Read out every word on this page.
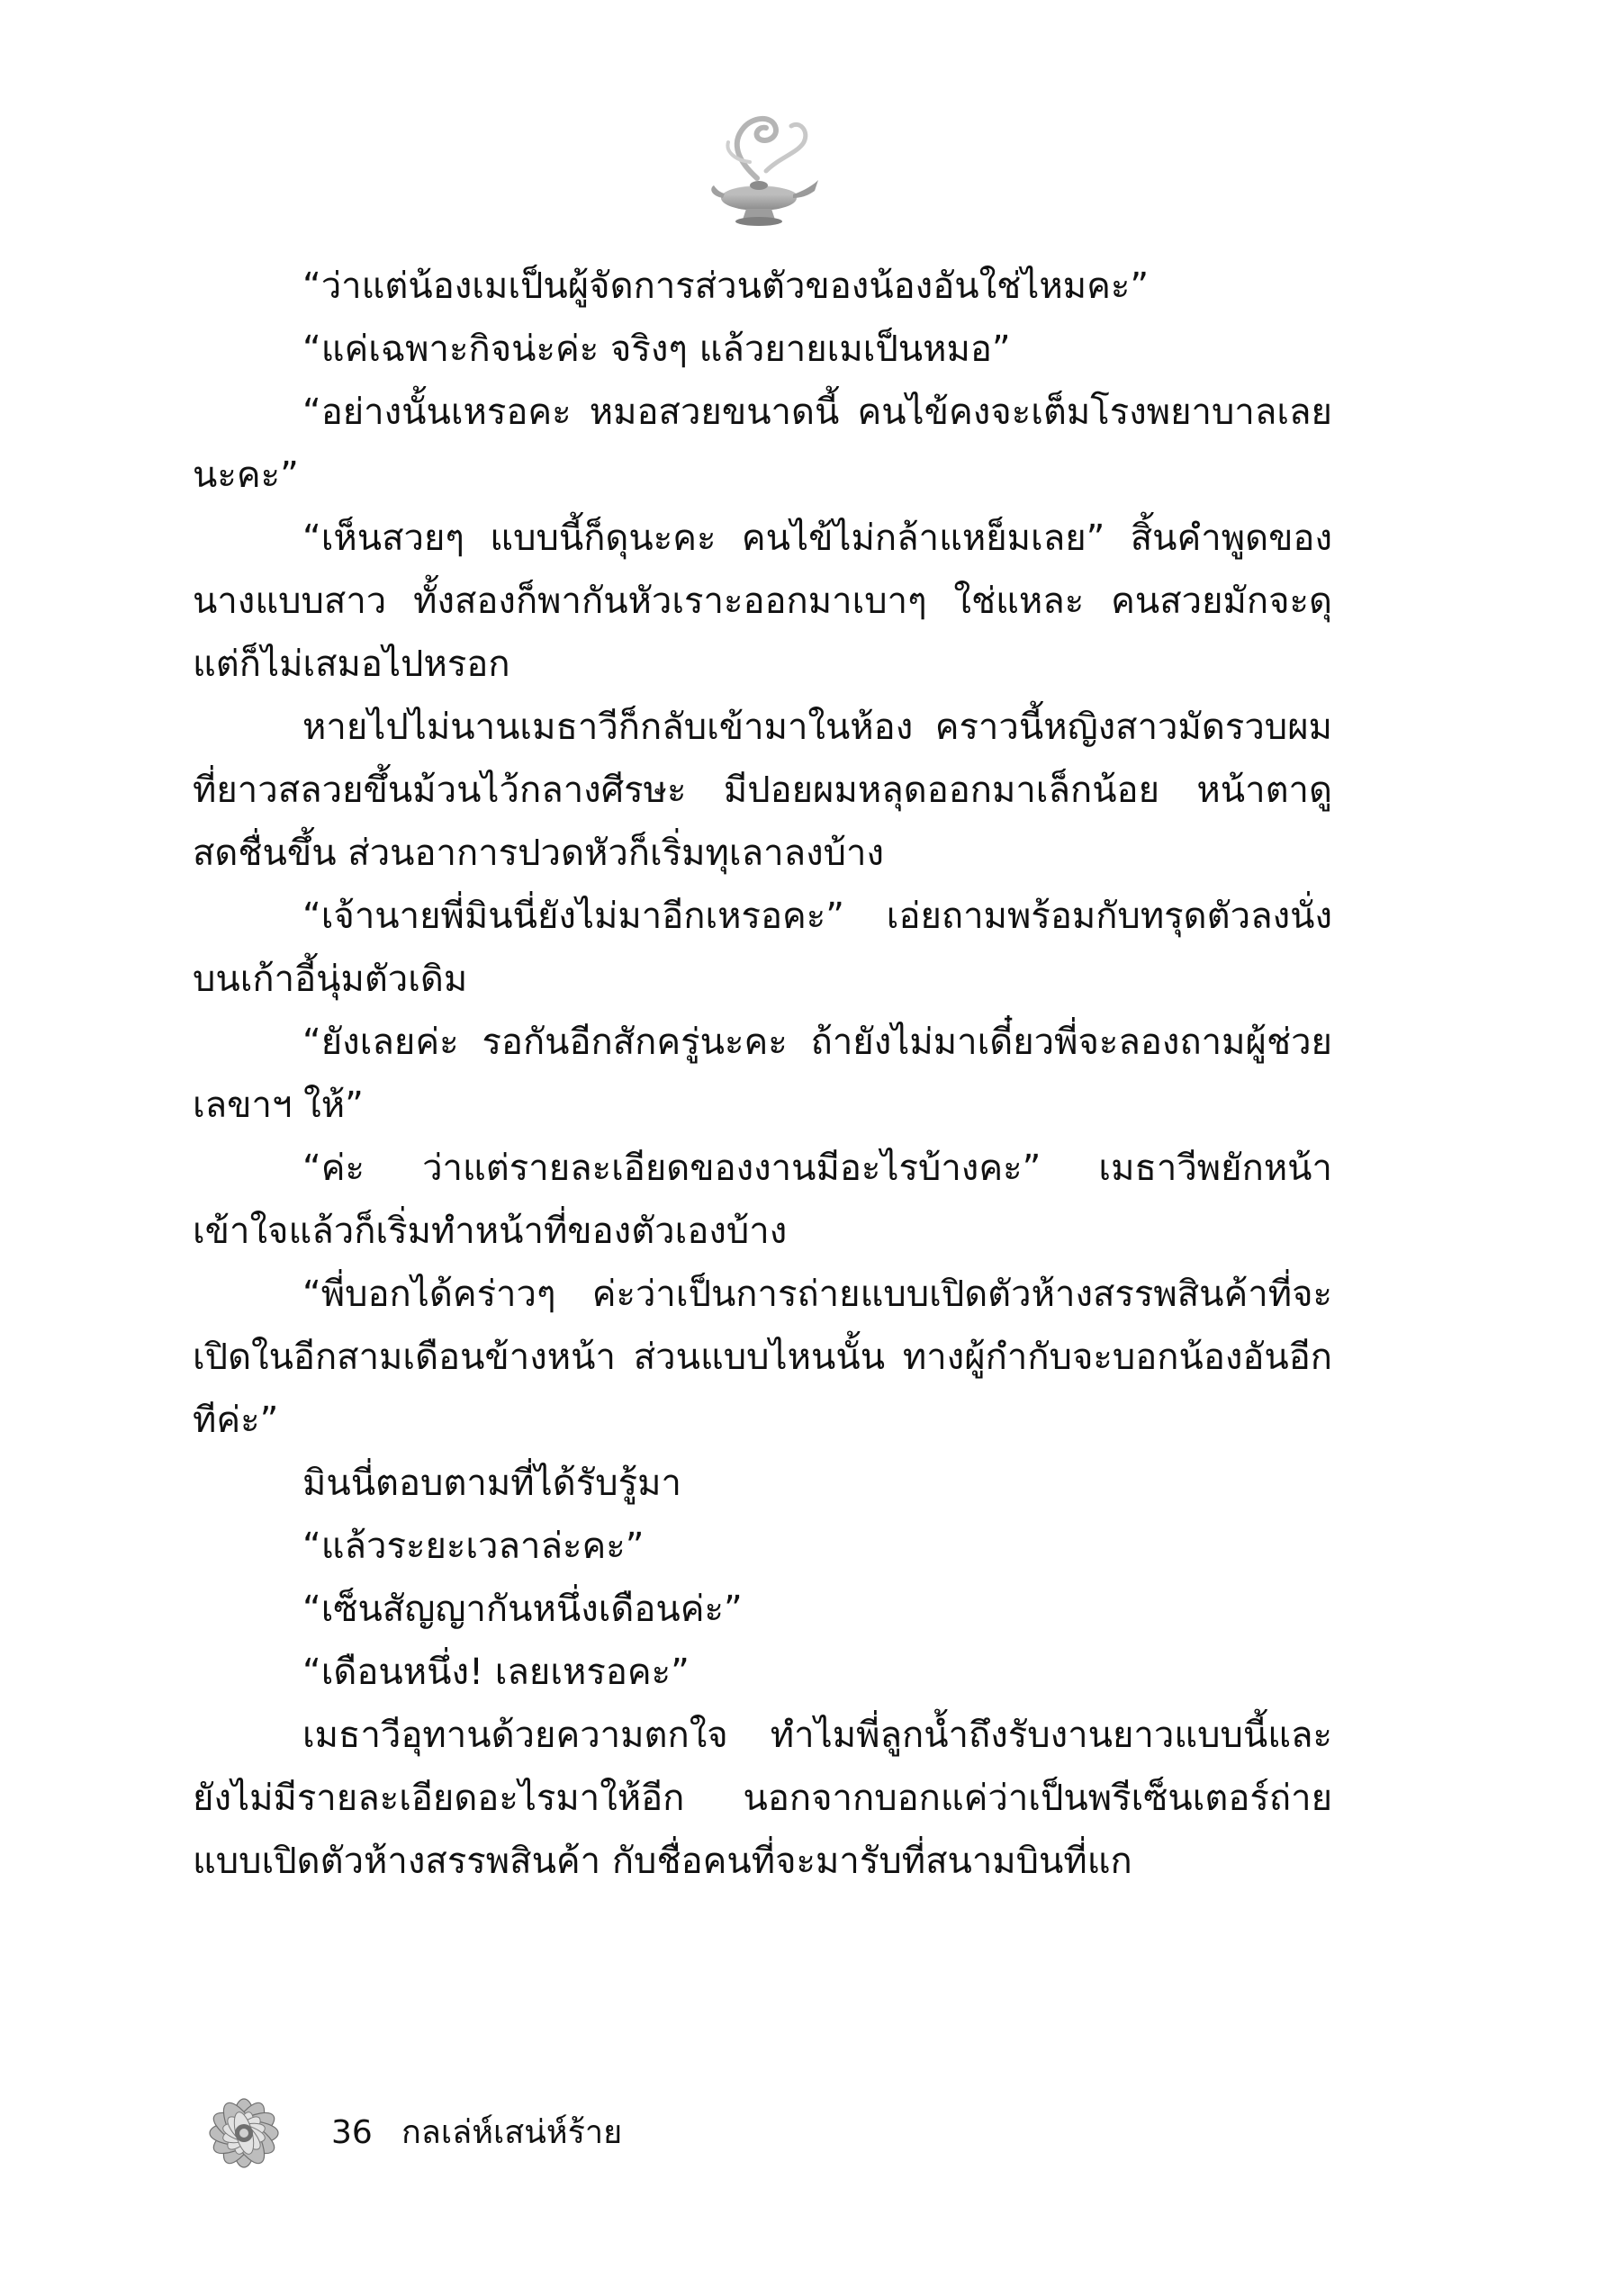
“ว่าแต่น้องเมเป็นผู้จัดการส่วนตัวของน้องอันใช่ไหมคะ”

“แค่เฉพาะกิจน่ะค่ะ จริงๆ แล้วยายเมเป็นหมอ”

“อย่างนั้นเหรอคะ หมอสวยขนาดนี้ คนไข้คงจะเต็มโรงพยาบาลเลยนะคะ”

“เห็นสวยๆ แบบนี้ก็ดุนะคะ คนไข้ไม่กล้าแหย็มเลย” สิ้นคำพูดของนางแบบสาว ทั้งสองก็พากันหัวเราะออกมาเบาๆ ใช่แหละ คนสวยมักจะดุแต่ก็ไม่เสมอไปหรอก

หายไปไม่นานเมธาวีก็กลับเข้ามาในห้อง คราวนี้หญิงสาวมัดรวบผมที่ยาวสลวยขึ้นม้วนไว้กลางศีรษะ มีปอยผมหลุดออกมาเล็กน้อย หน้าตาดูสดชื่นขึ้น ส่วนอาการปวดหัวก็เริ่มทุเลาลงบ้าง

“เจ้านายพี่มินนี่ยังไม่มาอีกเหรอคะ” เอ่ยถามพร้อมกับทรุดตัวลงนั่งบนเก้าอี้นุ่มตัวเดิม

“ยังเลยค่ะ รอกันอีกสักครู่นะคะ ถ้ายังไม่มาเดี๋ยวพี่จะลองถามผู้ช่วยเลขาฯ ให้”

“ค่ะ ว่าแต่รายละเอียดของงานมีอะไรบ้างคะ” เมธาวีพยักหน้าเข้าใจแล้วก็เริ่มทำหน้าที่ของตัวเองบ้าง

“พี่บอกได้คร่าวๆ ค่ะว่าเป็นการถ่ายแบบเปิดตัวห้างสรรพสินค้าที่จะเปิดในอีกสามเดือนข้างหน้า ส่วนแบบไหนนั้น ทางผู้กำกับจะบอกน้องอันอีกทีค่ะ”

มินนี่ตอบตามที่ได้รับรู้มา

“แล้วระยะเวลาล่ะคะ”

“เซ็นสัญญากันหนึ่งเดือนค่ะ”

“เดือนหนึ่ง! เลยเหรอคะ”

เมธาวีอุทานด้วยความตกใจ ทำไมพี่ลูกน้ำถึงรับงานยาวแบบนี้และยังไม่มีรายละเอียดอะไรมาให้อีก นอกจากบอกแค่ว่าเป็นพรีเซ็นเตอร์ถ่ายแบบเปิดตัวห้างสรรพสินค้า กับชื่อคนที่จะมารับที่สนามบินที่แก

36 กลเล่ห์เสน่ห์ร้าย
